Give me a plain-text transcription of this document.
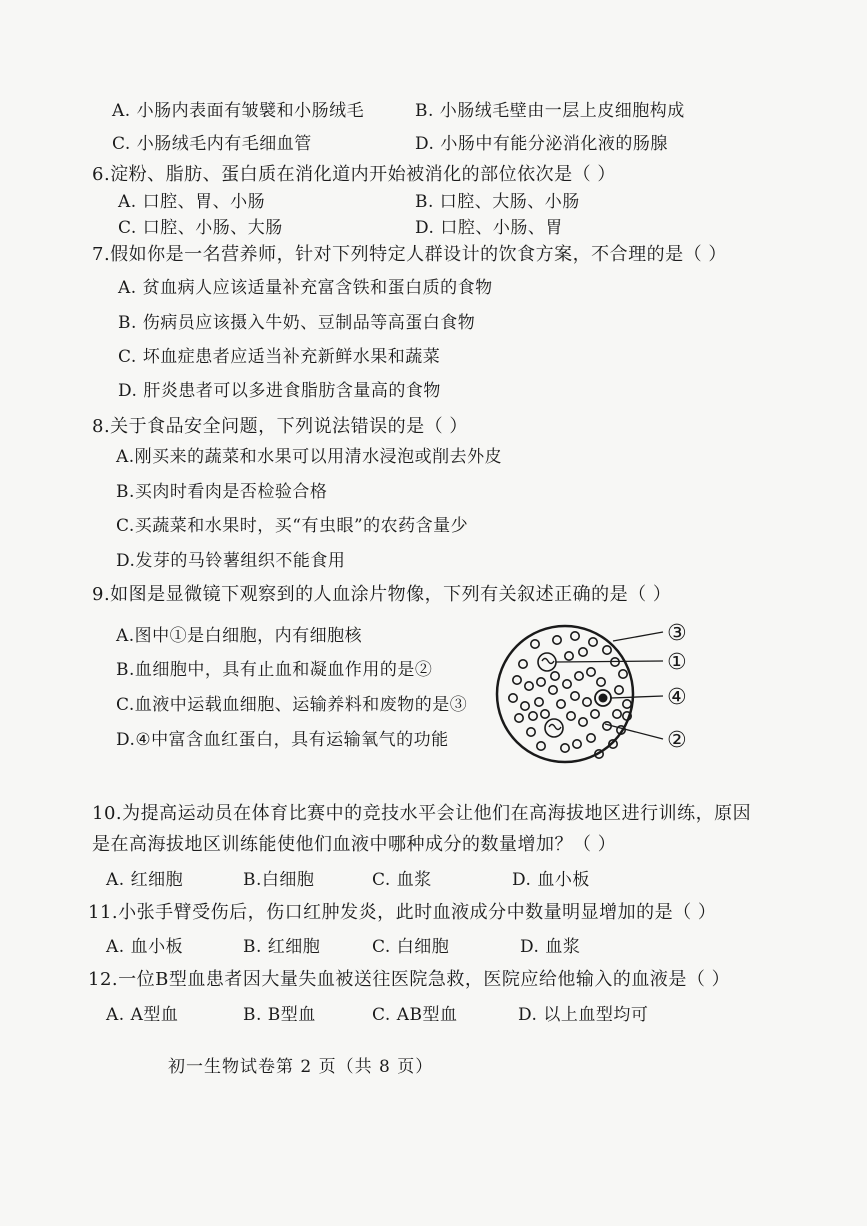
A. 小肠内表面有皱襞和小肠绒毛	B. 小肠绒毛壁由一层上皮细胞构成
C. 小肠绒毛内有毛细血管	D. 小肠中有能分泌消化液的肠腺
6.淀粉、脂肪、蛋白质在消化道内开始被消化的部位依次是（ ）
A. 口腔、胃、小肠	B. 口腔、大肠、小肠
C. 口腔、小肠、大肠	D. 口腔、小肠、胃
7.假如你是一名营养师，针对下列特定人群设计的饮食方案，不合理的是（ ）
A. 贫血病人应该适量补充富含铁和蛋白质的食物
B. 伤病员应该摄入牛奶、豆制品等高蛋白食物
C. 坏血症患者应适当补充新鲜水果和蔬菜
D. 肝炎患者可以多进食脂肪含量高的食物
8.关于食品安全问题，下列说法错误的是（ ）
A.刚买来的蔬菜和水果可以用清水浸泡或削去外皮
B.买肉时看肉是否检验合格
C.买蔬菜和水果时，买“有虫眼”的农药含量少
D.发芽的马铃薯组织不能食用
9.如图是显微镜下观察到的人血涂片物像，下列有关叙述正确的是（ ）
A.图中①是白细胞，内有细胞核
B.血细胞中，具有止血和凝血作用的是②
C.血液中运载血细胞、运输养料和废物的是③
D.④中富含血红蛋白，具有运输氧气的功能
③
①
④
②
10.为提高运动员在体育比赛中的竞技水平会让他们在高海拔地区进行训练，原因
是在高海拔地区训练能使他们血液中哪种成分的数量增加？（ ）
A. 红细胞	B.白细胞	C. 血浆	D. 血小板
11.小张手臂受伤后，伤口红肿发炎，此时血液成分中数量明显增加的是（ ）
A. 血小板	B. 红细胞	C. 白细胞	D. 血浆
12.一位B型血患者因大量失血被送往医院急救，医院应给他输入的血液是（ ）
A. A型血	B. B型血	C. AB型血	D. 以上血型均可
初一生物试卷第 2 页（共 8 页）
